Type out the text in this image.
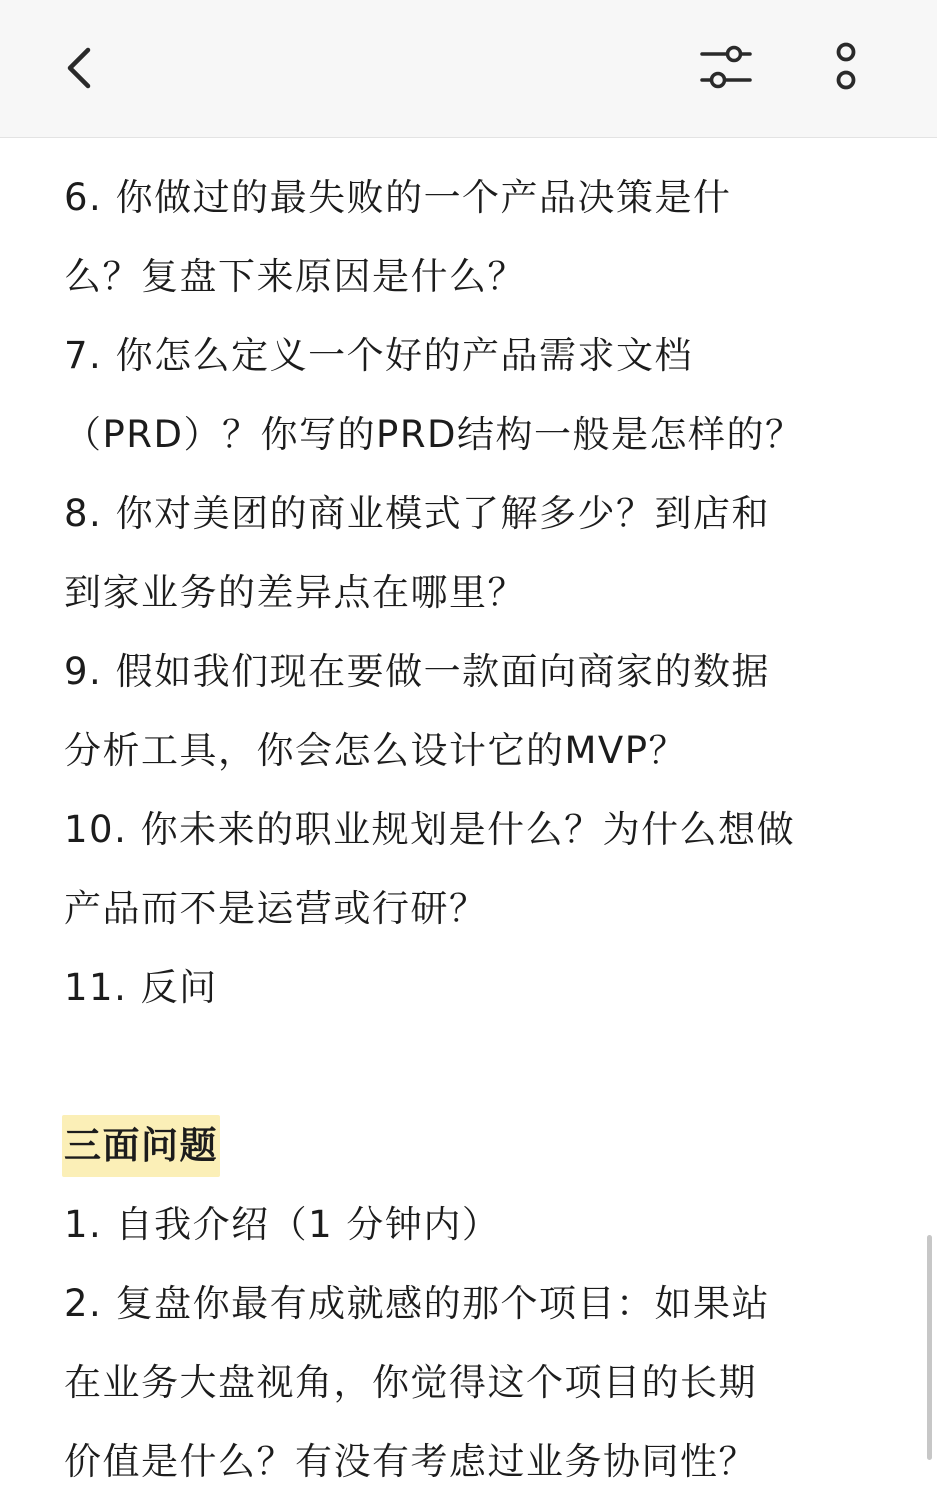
6. 你做过的最失败的一个产品决策是什

么？复盘下来原因是什么？

7. 你怎么定义一个好的产品需求文档

（PRD）？你写的PRD结构一般是怎样的？

8. 你对美团的商业模式了解多少？到店和

到家业务的差异点在哪里？

9. 假如我们现在要做一款面向商家的数据

分析工具，你会怎么设计它的MVP？

10. 你未来的职业规划是什么？为什么想做

产品而不是运营或行研？

11. 反问

三面问题

1. 自我介绍（1 分钟内）

2. 复盘你最有成就感的那个项目：如果站

在业务大盘视角，你觉得这个项目的长期

价值是什么？有没有考虑过业务协同性？
